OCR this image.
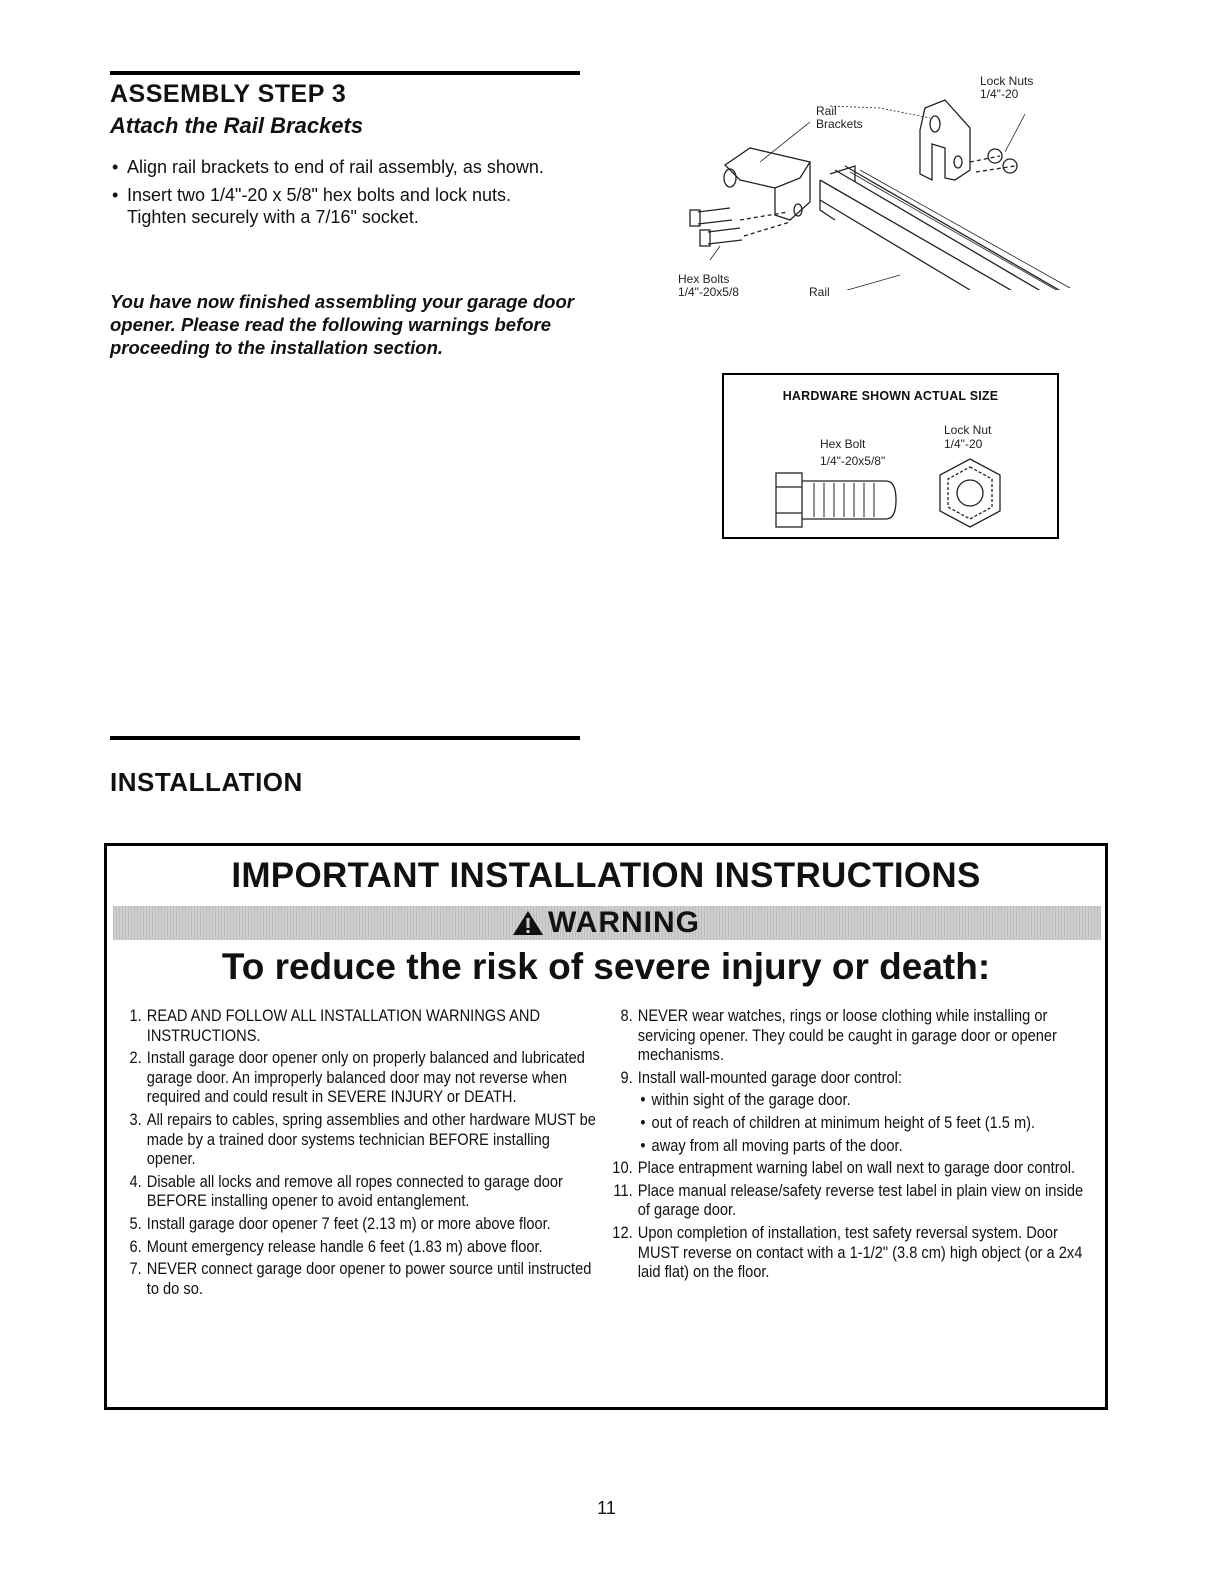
ASSEMBLY STEP 3
Attach the Rail Brackets
• Align rail brackets to end of rail assembly, as shown.
• Insert two 1/4"-20 x 5/8" hex bolts and lock nuts. Tighten securely with a 7/16" socket.
You have now finished assembling your garage door opener. Please read the following warnings before proceeding to the installation section.
Lock Nuts
1/4"-20
Rail
Brackets
Hex Bolts
1/4"-20x5/8	Rail
HARDWARE SHOWN ACTUAL SIZE
Hex Bolt
1/4"-20x5/8"
Lock Nut
1/4"-20
INSTALLATION
IMPORTANT INSTALLATION INSTRUCTIONS
WARNING
To reduce the risk of severe injury or death:
1. READ AND FOLLOW ALL INSTALLATION WARNINGS AND INSTRUCTIONS.
2. Install garage door opener only on properly balanced and lubricated garage door. An improperly balanced door may not reverse when required and could result in SEVERE INJURY or DEATH.
3. All repairs to cables, spring assemblies and other hardware MUST be made by a trained door systems technician BEFORE installing opener.
4. Disable all locks and remove all ropes connected to garage door BEFORE installing opener to avoid entanglement.
5. Install garage door opener 7 feet (2.13 m) or more above floor.
6. Mount emergency release handle 6 feet (1.83 m) above floor.
7. NEVER connect garage door opener to power source until instructed to do so.
8. NEVER wear watches, rings or loose clothing while installing or servicing opener. They could be caught in garage door or opener mechanisms.
9. Install wall-mounted garage door control:
• within sight of the garage door.
• out of reach of children at minimum height of 5 feet (1.5 m).
• away from all moving parts of the door.
10. Place entrapment warning label on wall next to garage door control.
11. Place manual release/safety reverse test label in plain view on inside of garage door.
12. Upon completion of installation, test safety reversal system. Door MUST reverse on contact with a 1-1/2" (3.8 cm) high object (or a 2x4 laid flat) on the floor.
11
